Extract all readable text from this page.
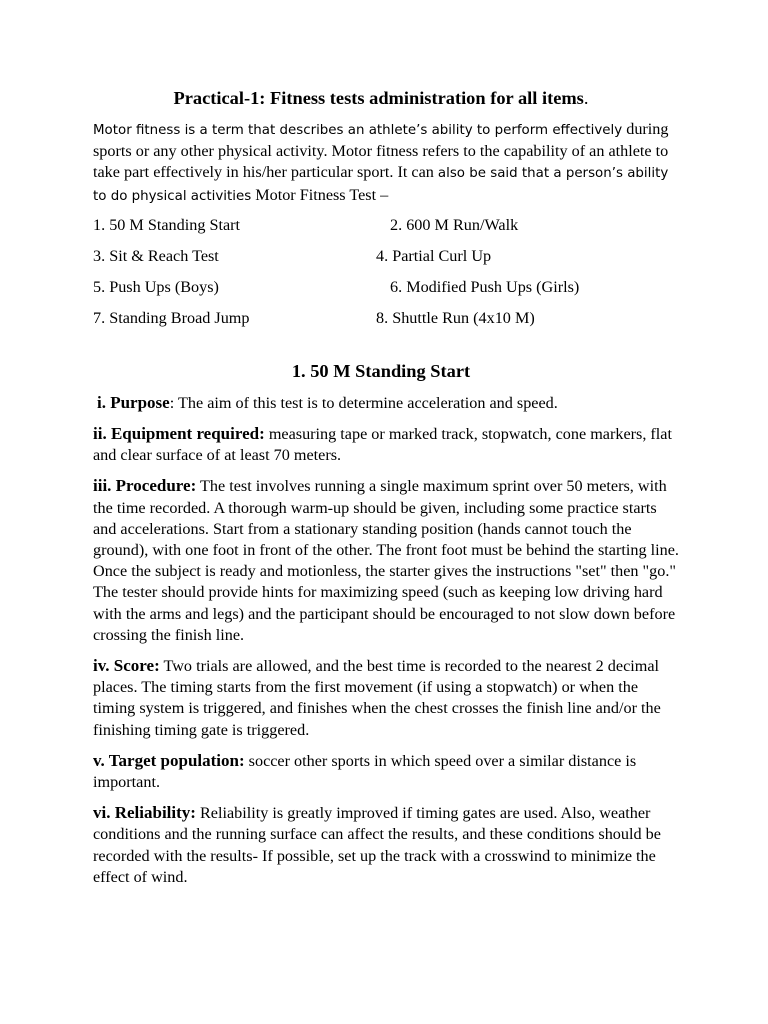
Practical-1: Fitness tests administration for all items.

Motor fitness is a term that describes an athlete’s ability to perform effectively during sports or any other physical activity. Motor fitness refers to the capability of an athlete to take part effectively in his/her particular sport. It can also be said that a person’s ability to do physical activities Motor Fitness Test –

1. 50 M Standing Start	2. 600 M Run/Walk
3. Sit & Reach Test	4. Partial Curl Up
5. Push Ups (Boys)	6. Modified Push Ups (Girls)
7. Standing Broad Jump	8. Shuttle Run (4x10 M)
1. 50 M Standing Start

i. Purpose: The aim of this test is to determine acceleration and speed.

ii. Equipment required: measuring tape or marked track, stopwatch, cone markers, flat and clear surface of at least 70 meters.

iii. Procedure: The test involves running a single maximum sprint over 50 meters, with the time recorded. A thorough warm-up should be given, including some practice starts and accelerations. Start from a stationary standing position (hands cannot touch the ground), with one foot in front of the other. The front foot must be behind the starting line. Once the subject is ready and motionless, the starter gives the instructions "set" then "go." The tester should provide hints for maximizing speed (such as keeping low driving hard with the arms and legs) and the participant should be encouraged to not slow down before crossing the finish line.

iv. Score: Two trials are allowed, and the best time is recorded to the nearest 2 decimal places. The timing starts from the first movement (if using a stopwatch) or when the timing system is triggered, and finishes when the chest crosses the finish line and/or the finishing timing gate is triggered.

v. Target population: soccer other sports in which speed over a similar distance is important.

vi. Reliability: Reliability is greatly improved if timing gates are used. Also, weather conditions and the running surface can affect the results, and these conditions should be recorded with the results- If possible, set up the track with a crosswind to minimize the effect of wind.
